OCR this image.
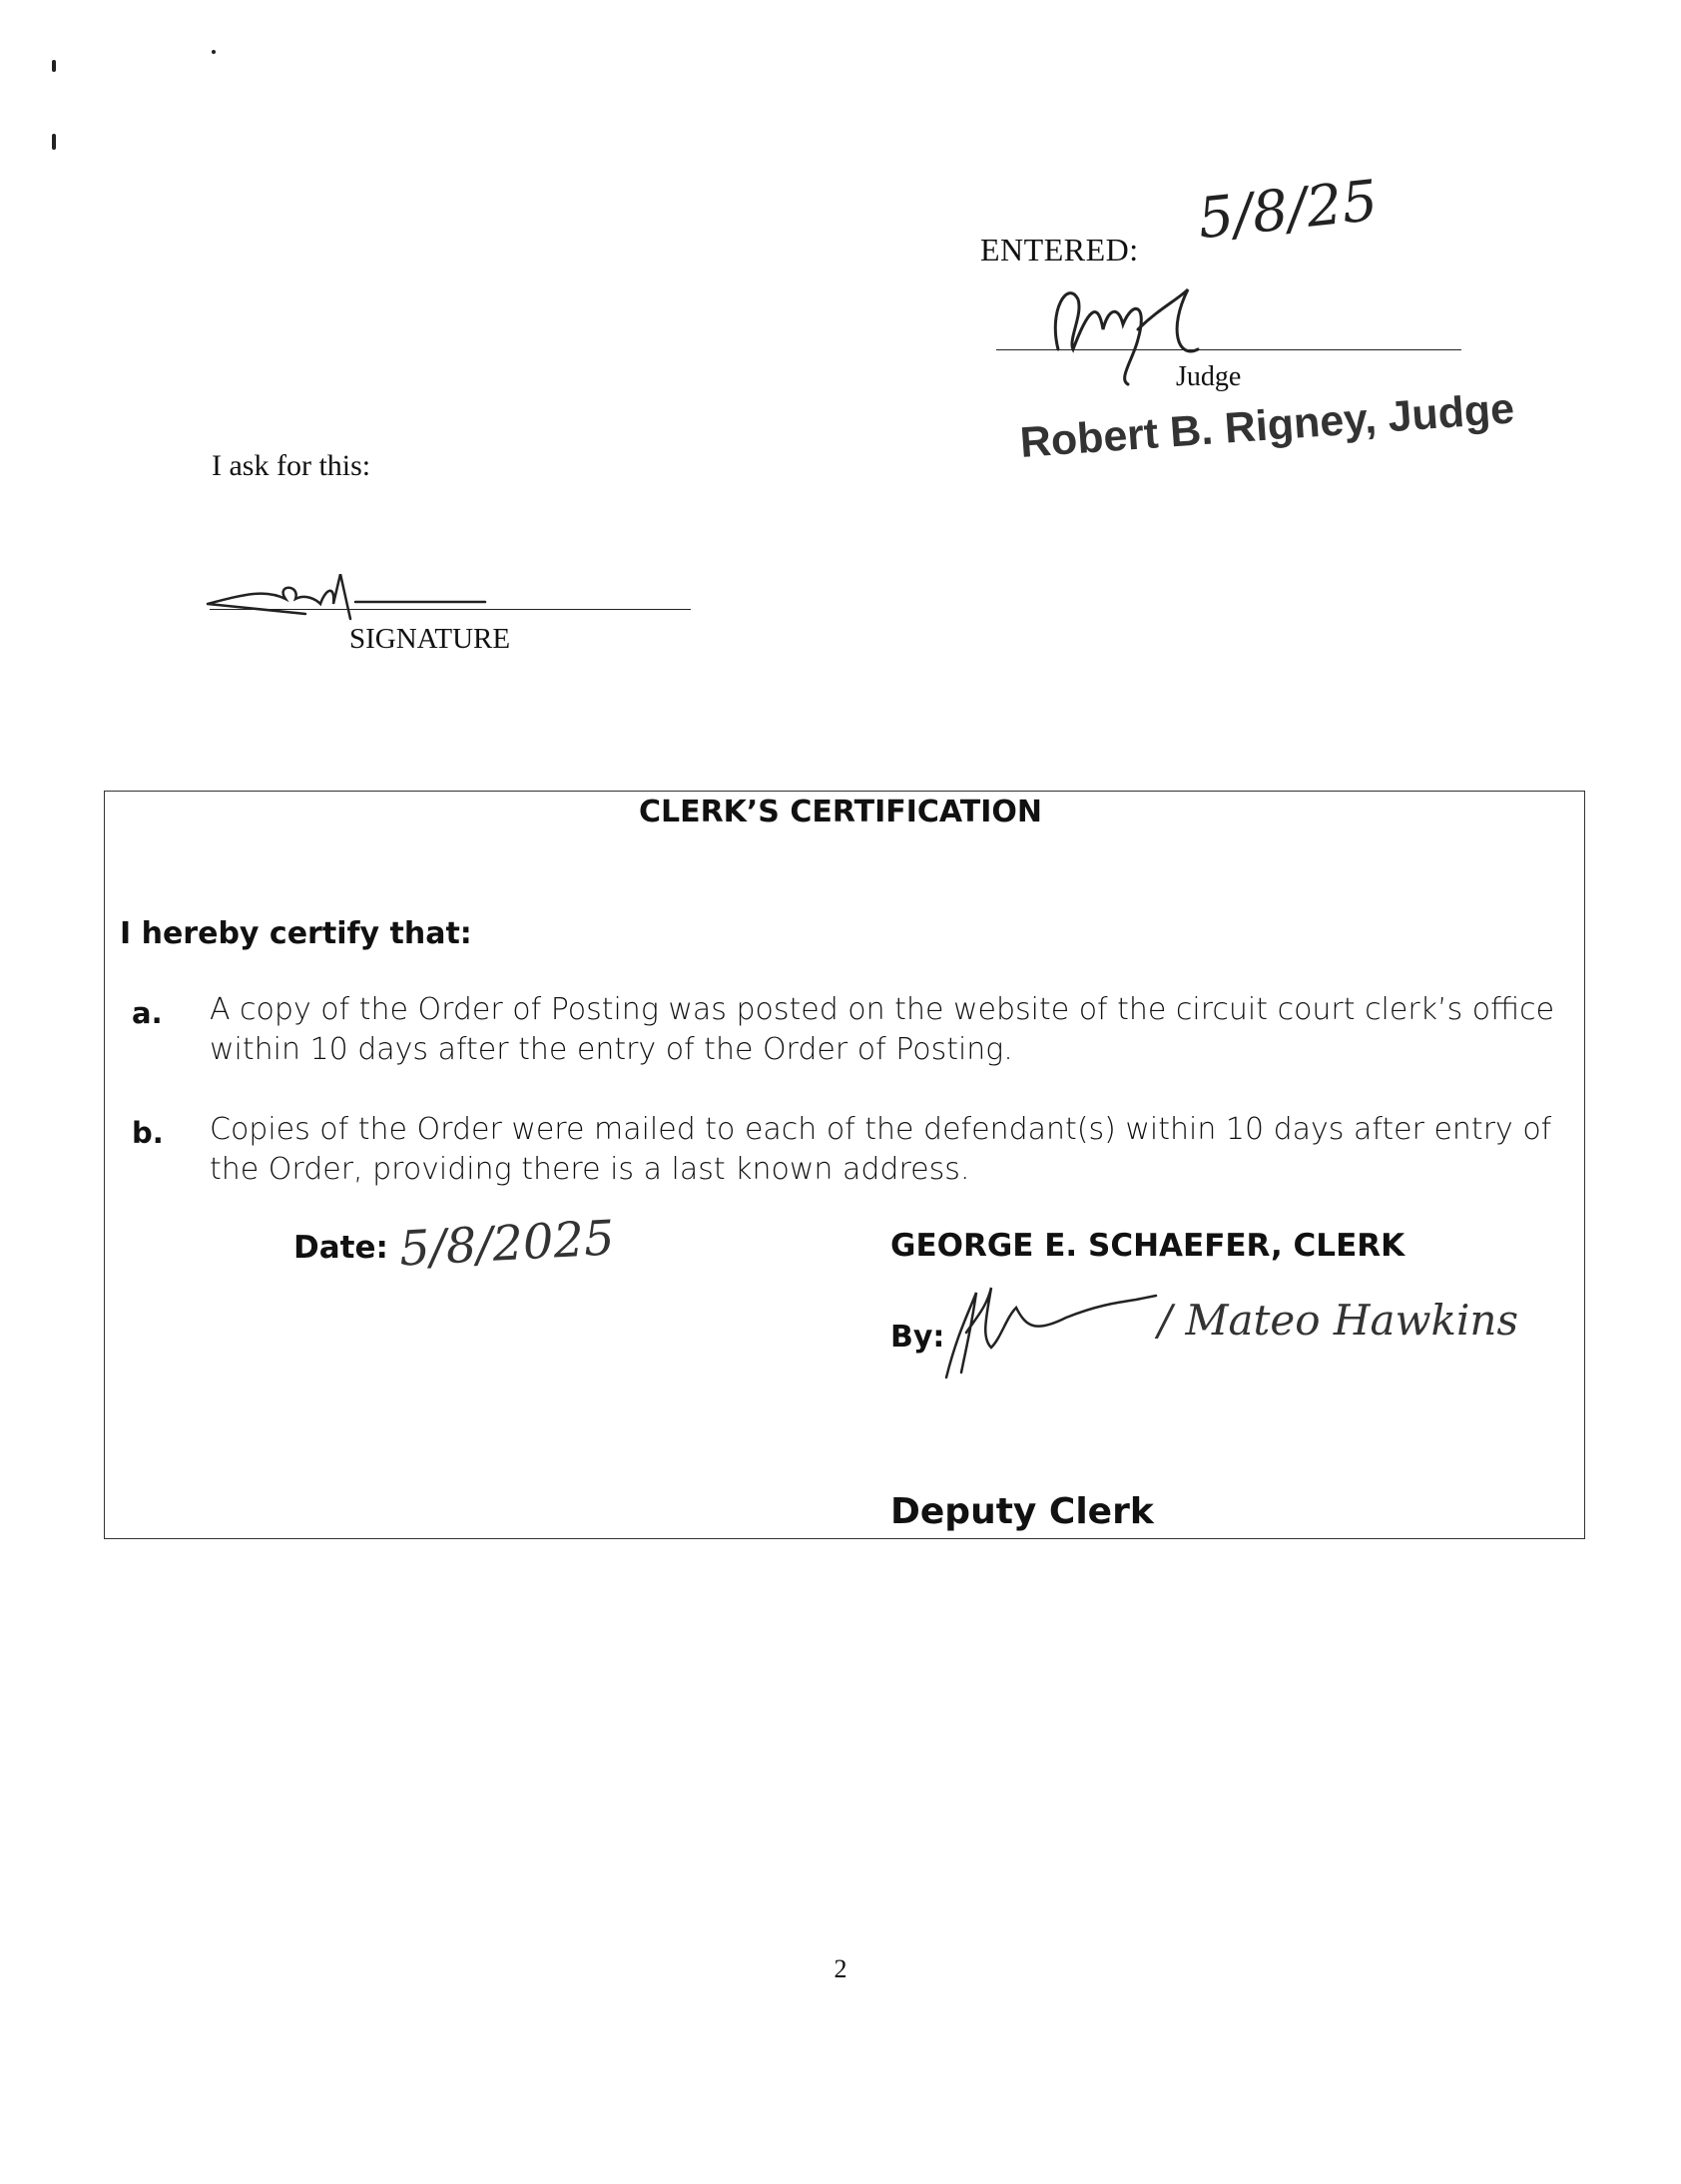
ENTERED: 5/8/25
Judge
Robert B. Rigney, Judge
I ask for this:
SIGNATURE
CLERK’S CERTIFICATION
I hereby certify that:
a. A copy of the Order of Posting was posted on the website of the circuit court clerk’s office within 10 days after the entry of the Order of Posting.
b. Copies of the Order were mailed to each of the defendant(s) within 10 days after entry of the Order, providing there is a last known address.
Date: 5/8/2025	GEORGE E. SCHAEFER, CLERK
By:	/ Mateo Hawkins
Deputy Clerk
2
